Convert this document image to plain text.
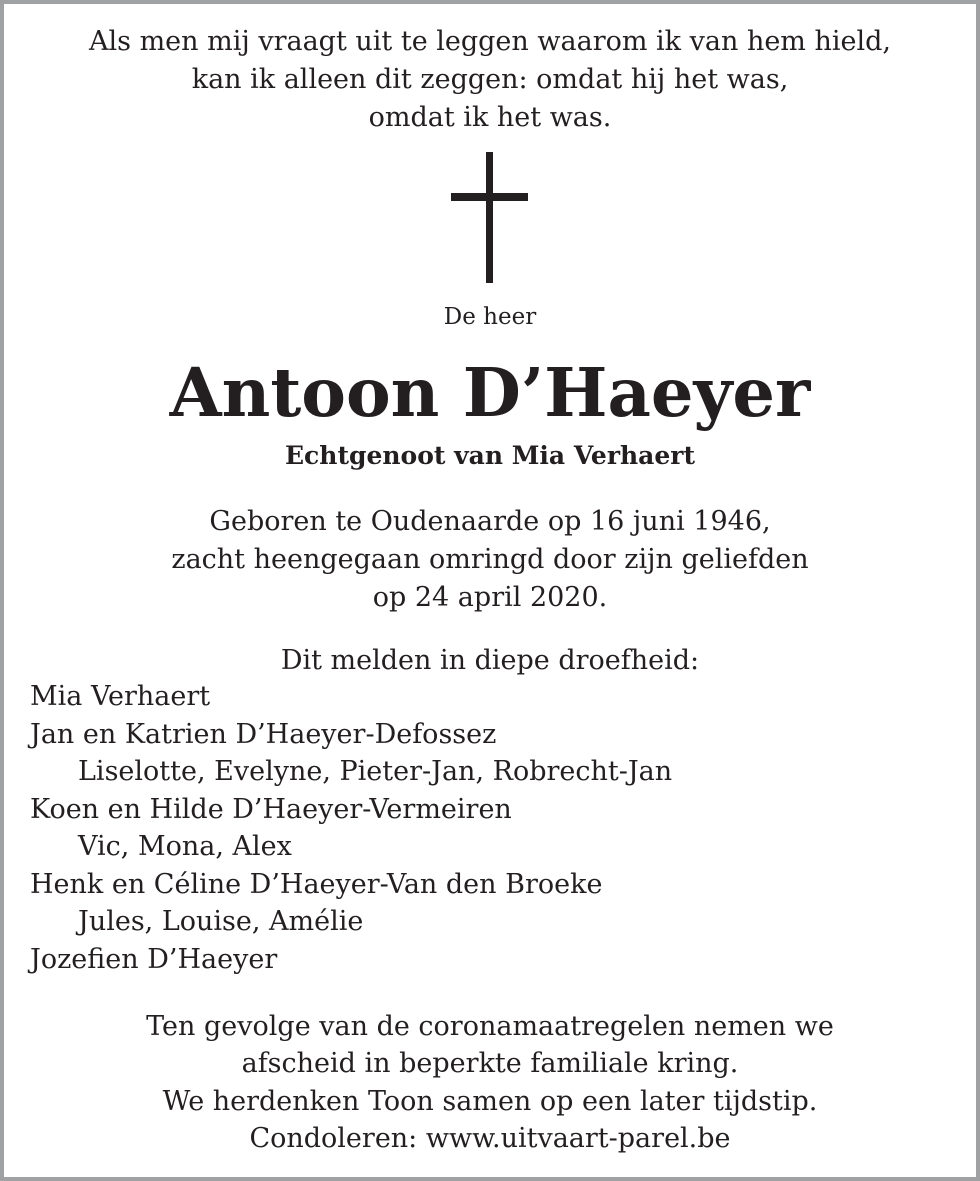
Als men mij vraagt uit te leggen waarom ik van hem hield,
kan ik alleen dit zeggen: omdat hij het was,
omdat ik het was.
De heer
Antoon D’Haeyer
Echtgenoot van Mia Verhaert
Geboren te Oudenaarde op 16 juni 1946,
zacht heengegaan omringd door zijn geliefden
op 24 april 2020.
Dit melden in diepe droefheid:
Mia Verhaert
Jan en Katrien D’Haeyer-Defossez
Liselotte, Evelyne, Pieter-Jan, Robrecht-Jan
Koen en Hilde D’Haeyer-Vermeiren
Vic, Mona, Alex
Henk en Céline D’Haeyer-Van den Broeke
Jules, Louise, Amélie
Jozefien D’Haeyer
Ten gevolge van de coronamaatregelen nemen we
afscheid in beperkte familiale kring.
We herdenken Toon samen op een later tijdstip.
Condoleren: www.uitvaart-parel.be
